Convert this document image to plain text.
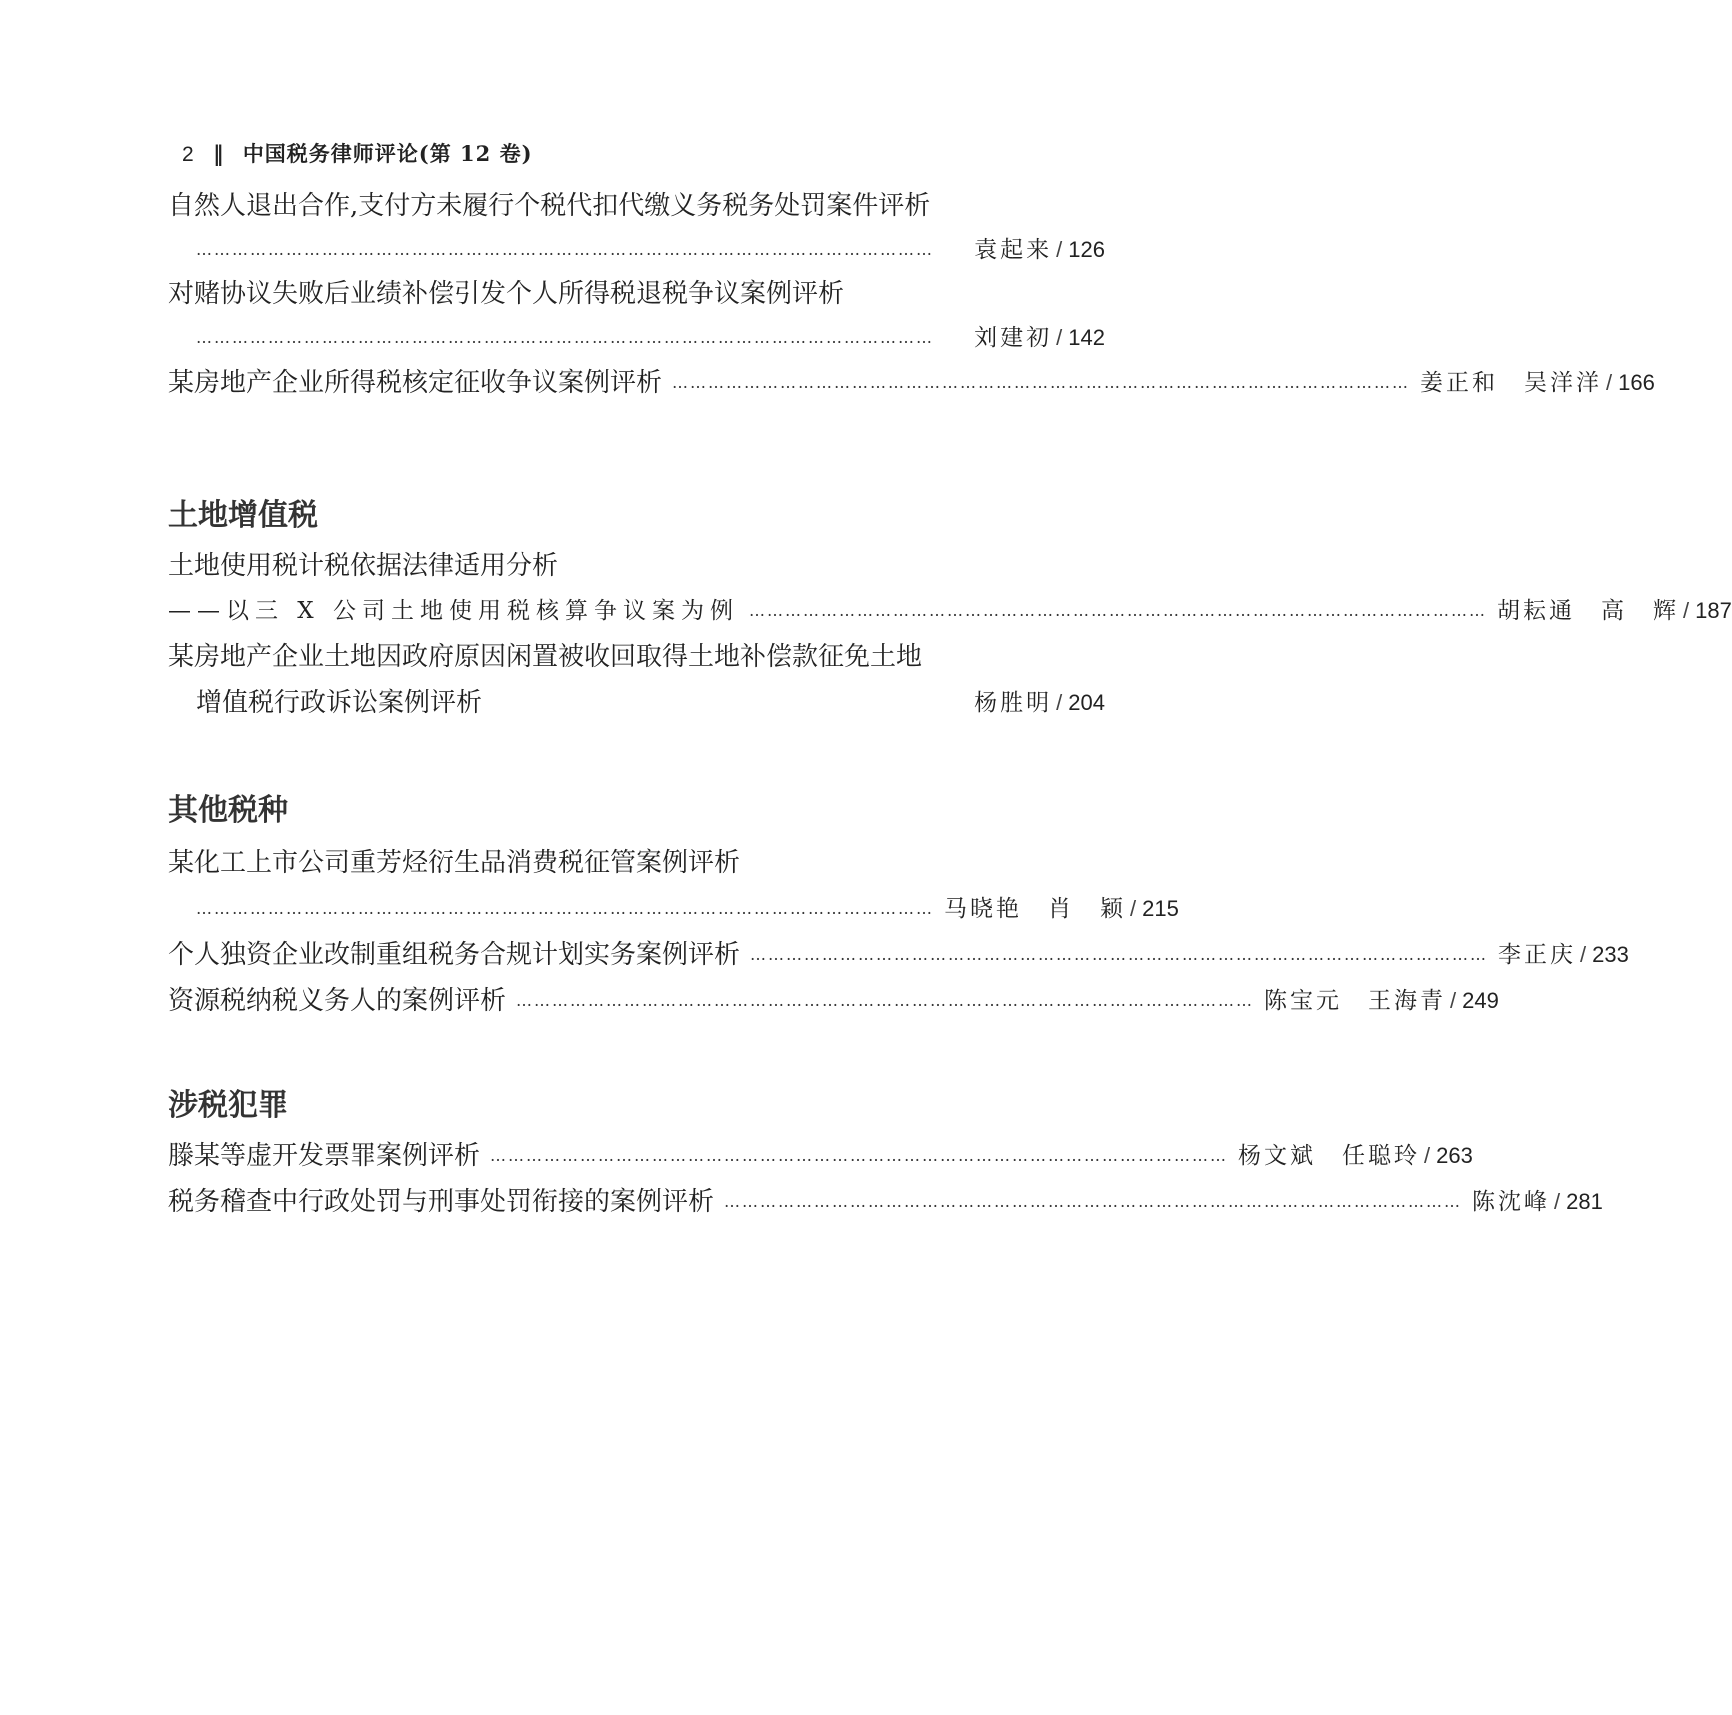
2 ‖ 中国税务律师评论(第 12 卷)
自然人退出合作,支付方未履行个税代扣代缴义务税务处罚案件评析
……………………………………………………………………………………………………………	袁起来 / 126
对赌协议失败后业绩补偿引发个人所得税退税争议案例评析
……………………………………………………………………………………………………………	刘建初 / 142
某房地产企业所得税核定征收争议案例评析 …………………………………………………………………………………………………………… 姜正和　吴洋洋 / 166
土地增值税
土地使用税计税依据法律适用分析
——以三 X 公司土地使用税核算争议案为例 …………………………………………………………………………………………………………… 胡耘通　高　辉 / 187
某房地产企业土地因政府原因闲置被收回取得土地补偿款征免土地
增值税行政诉讼案例评析	杨胜明 / 204
其他税种
某化工上市公司重芳烃衍生品消费税征管案例评析
…………………………………………………………………………………………………………… 马晓艳　肖　颖 / 215
个人独资企业改制重组税务合规计划实务案例评析 …………………………………………………………………………………………………………… 李正庆 / 233
资源税纳税义务人的案例评析 …………………………………………………………………………………………………………… 陈宝元　王海青 / 249
涉税犯罪
滕某等虚开发票罪案例评析 …………………………………………………………………………………………………………… 杨文斌　任聪玲 / 263
税务稽查中行政处罚与刑事处罚衔接的案例评析 …………………………………………………………………………………………………………… 陈沈峰 / 281
